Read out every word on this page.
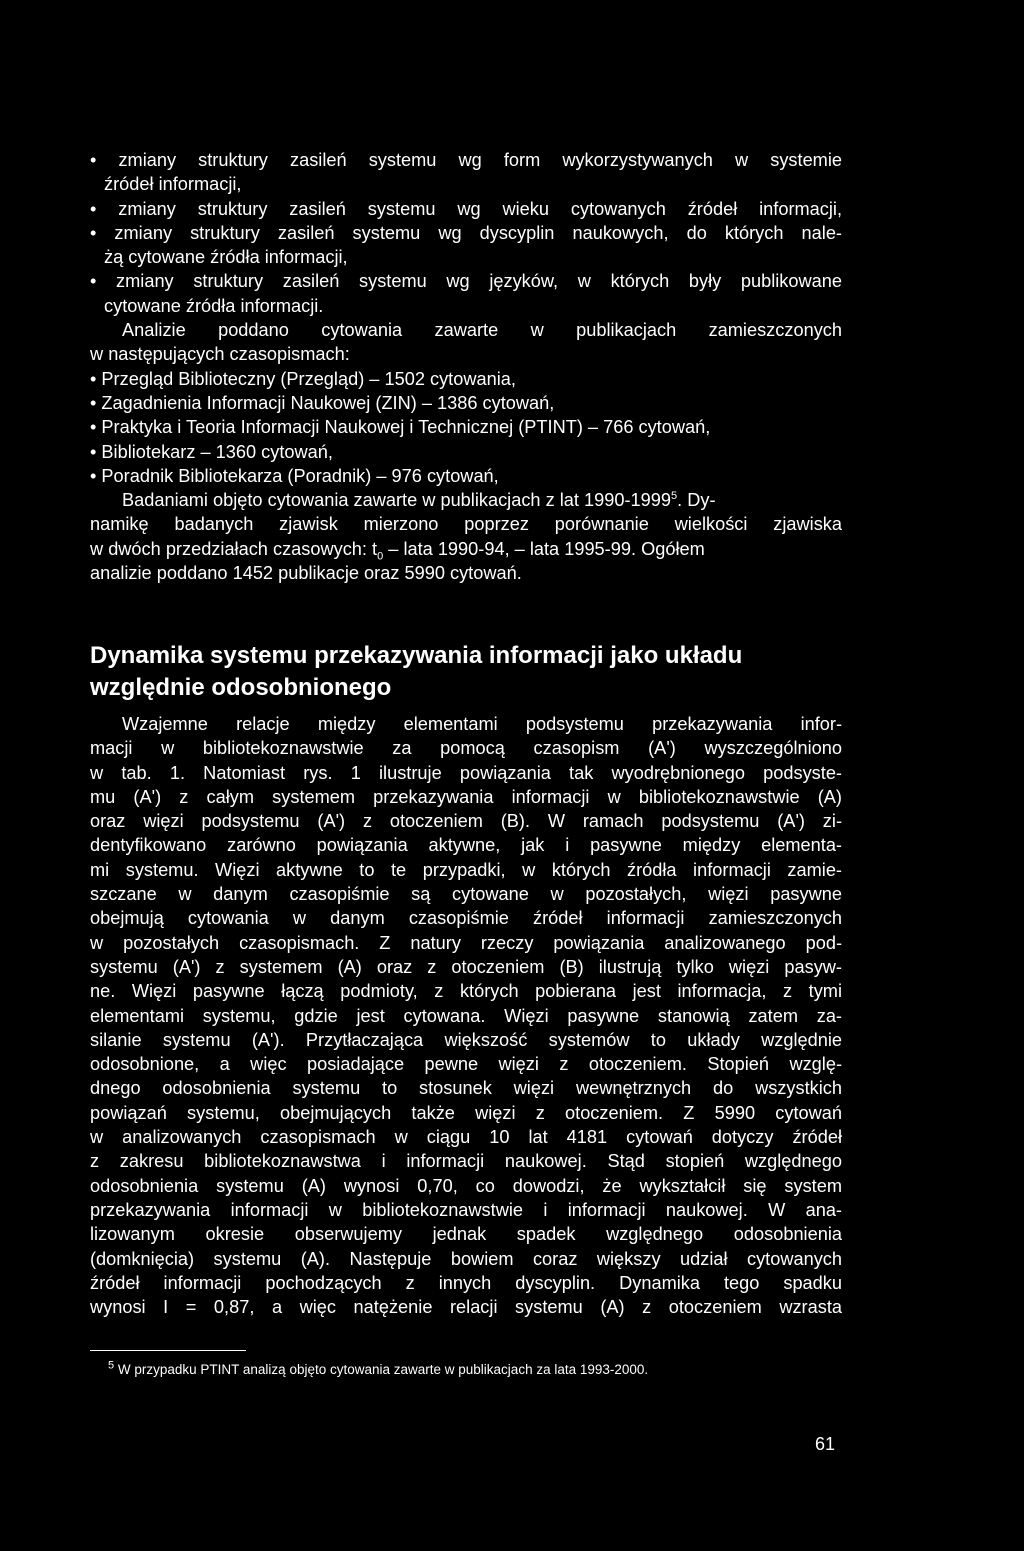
• zmiany struktury zasileń systemu wg form wykorzystywanych w systemie
źródeł informacji,
• zmiany struktury zasileń systemu wg wieku cytowanych źródeł informacji,
• zmiany struktury zasileń systemu wg dyscyplin naukowych, do których nale-
żą cytowane źródła informacji,
• zmiany struktury zasileń systemu wg języków, w których były publikowane
cytowane źródła informacji.
Analizie poddano cytowania zawarte w publikacjach zamieszczonych
w następujących czasopismach:
• Przegląd Biblioteczny (Przegląd) – 1502 cytowania,
• Zagadnienia Informacji Naukowej (ZIN) – 1386 cytowań,
• Praktyka i Teoria Informacji Naukowej i Technicznej (PTINT) – 766 cytowań,
• Bibliotekarz – 1360 cytowań,
• Poradnik Bibliotekarza (Poradnik) – 976 cytowań,
Badaniami objęto cytowania zawarte w publikacjach z lat 1990-1999$^5$. Dy-
namikę badanych zjawisk mierzono poprzez porównanie wielkości zjawiska
w dwóch przedziałach czasowych: $t_0$ – lata 1990-94, – lata 1995-99. Ogółem
analizie poddano 1452 publikacje oraz 5990 cytowań.
Dynamika systemu przekazywania informacji jako układu
względnie odosobnionego
Wzajemne relacje między elementami podsystemu przekazywania infor-
macji w bibliotekoznawstwie za pomocą czasopism (A') wyszczególniono
w tab. 1. Natomiast rys. 1 ilustruje powiązania tak wyodrębnionego podsyste-
mu (A') z całym systemem przekazywania informacji w bibliotekoznawstwie (A)
oraz więzi podsystemu (A') z otoczeniem (B). W ramach podsystemu (A') zi-
dentyfikowano zarówno powiązania aktywne, jak i pasywne między elementa-
mi systemu. Więzi aktywne to te przypadki, w których źródła informacji zamie-
szczane w danym czasopiśmie są cytowane w pozostałych, więzi pasywne
obejmują cytowania w danym czasopiśmie źródeł informacji zamieszczonych
w pozostałych czasopismach. Z natury rzeczy powiązania analizowanego pod-
systemu (A') z systemem (A) oraz z otoczeniem (B) ilustrują tylko więzi pasyw-
ne. Więzi pasywne łączą podmioty, z których pobierana jest informacja, z tymi
elementami systemu, gdzie jest cytowana. Więzi pasywne stanowią zatem za-
silanie systemu (A'). Przytłaczająca większość systemów to układy względnie
odosobnione, a więc posiadające pewne więzi z otoczeniem. Stopień wzglę-
dnego odosobnienia systemu to stosunek więzi wewnętrznych do wszystkich
powiązań systemu, obejmujących także więzi z otoczeniem. Z 5990 cytowań
w analizowanych czasopismach w ciągu 10 lat 4181 cytowań dotyczy źródeł
z zakresu bibliotekoznawstwa i informacji naukowej. Stąd stopień względnego
odosobnienia systemu (A) wynosi 0,70, co dowodzi, że wykształcił się system
przekazywania informacji w bibliotekoznawstwie i informacji naukowej. W ana-
lizowanym okresie obserwujemy jednak spadek względnego odosobnienia
(domknięcia) systemu (A). Następuje bowiem coraz większy udział cytowanych
źródeł informacji pochodzących z innych dyscyplin. Dynamika tego spadku
wynosi I = 0,87, a więc natężenie relacji systemu (A) z otoczeniem wzrasta
$^5$ W przypadku PTINT analizą objęto cytowania zawarte w publikacjach za lata 1993-2000.
61
